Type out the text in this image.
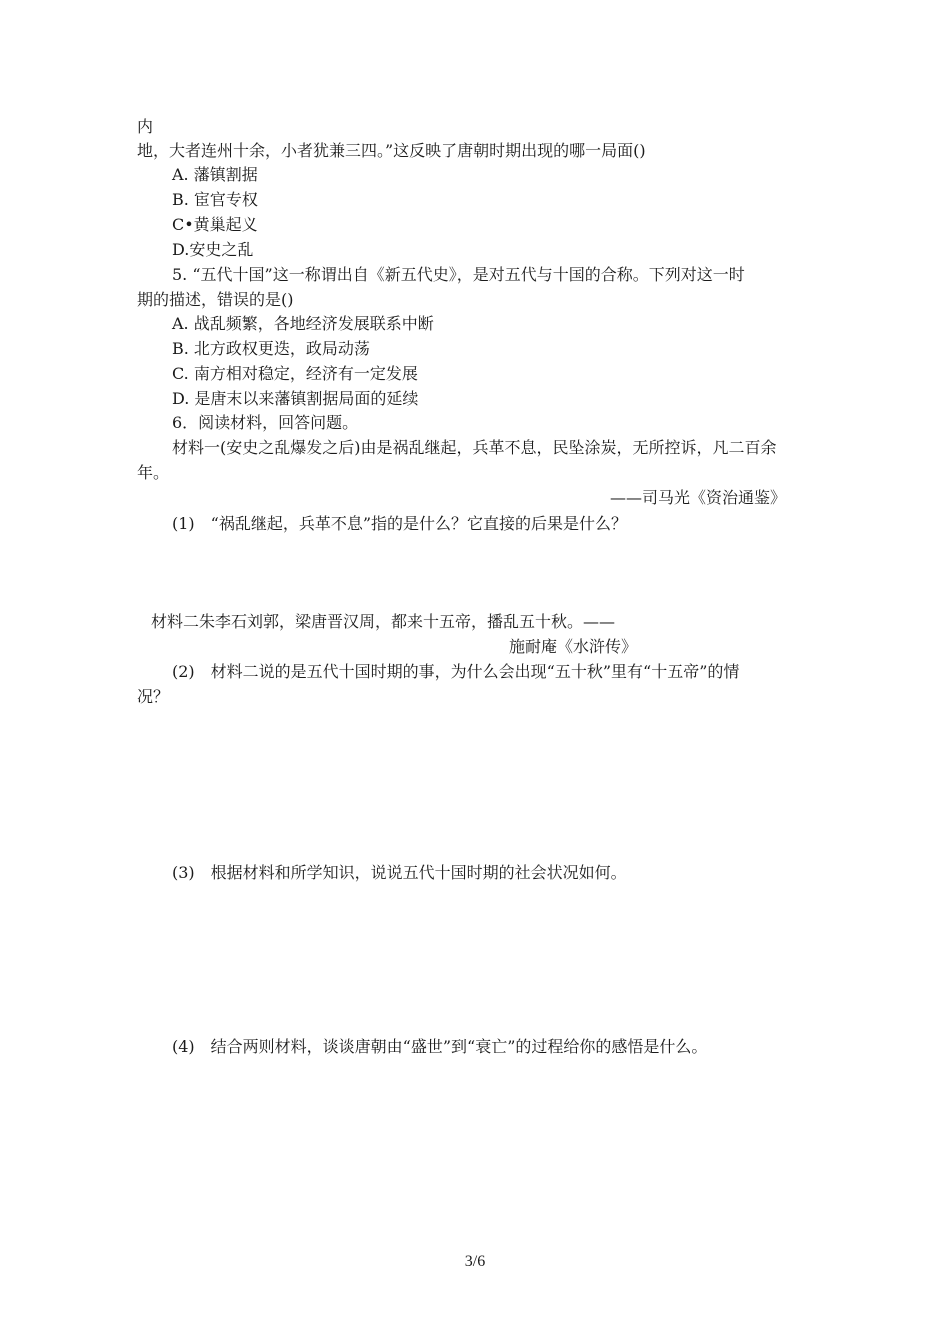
内
地，大者连州十余，小者犹兼三四。”这反映了唐朝时期出现的哪一局面()
A. 藩镇割据
B. 宦官专权
C•黄巢起义
D.安史之乱
5. “五代十国”这一称谓出自《新五代史》，是对五代与十国的合称。下列对这一时
期的描述，错误的是()
A. 战乱频繁，各地经济发展联系中断
B. 北方政权更迭，政局动荡
C. 南方相对稳定，经济有一定发展
D. 是唐末以来藩镇割据局面的延续
6．阅读材料，回答问题。
材料一(安史之乱爆发之后)由是祸乱继起，兵革不息，民坠涂炭，无所控诉，凡二百余
年。
——司马光《资治通鉴》
(1)　“祸乱继起，兵革不息”指的是什么？它直接的后果是什么？
材料二朱李石刘郭，梁唐晋汉周，都来十五帝，播乱五十秋。——
施耐庵《水浒传》
(2)　材料二说的是五代十国时期的事，为什么会出现“五十秋”里有“十五帝”的情
况？
(3)　根据材料和所学知识，说说五代十国时期的社会状况如何。
(4)　结合两则材料，谈谈唐朝由“盛世”到“衰亡”的过程给你的感悟是什么。
3/6
